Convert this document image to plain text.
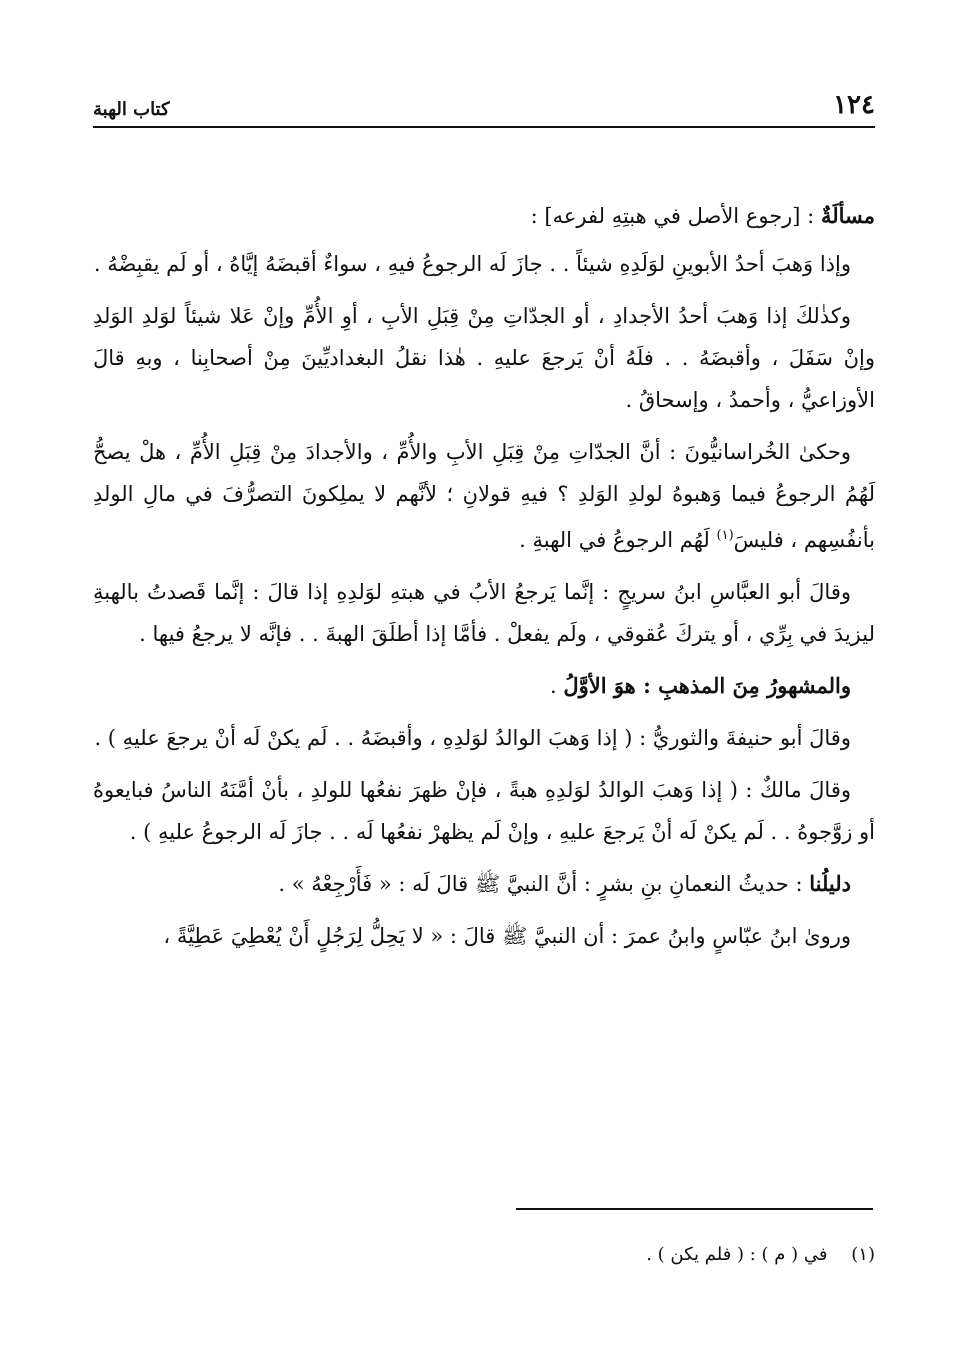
١٢٤
كتاب الهبة

مسألَةٌ : [رجوع الأصل في هبتِهِ لفرعه] :

وإذا وَهبَ أحدُ الأبوينِ لوَلَدِهِ شيئاً . . جازَ لَه الرجوعُ فيهِ ، سواءٌ أقبضَهُ إيَّاهُ ، أو لَم يقبِضْهُ .

وكذٰلكَ إذا وَهبَ أحدُ الأجدادِ ، أو الجدّاتِ مِنْ قِبَلِ الأبِ ، أوِ الأُمِّ وإنْ عَلا شيئاً لوَلدِ الوَلدِ وإنْ سَفَلَ ، وأقبضَهُ . . فلَهُ أنْ يَرجعَ عليهِ . هٰذا نقلُ البغداديِّينَ مِنْ أصحابِنا ، وبهِ قالَ الأوزاعيُّ ، وأحمدُ ، وإسحاقُ .

وحكىٰ الخُراسانيُّونَ : أنَّ الجدّاتِ مِنْ قِبَلِ الأبِ والأُمِّ ، والأجدادَ مِنْ قِبَلِ الأُمِّ ، هلْ يصحُّ لَهُمُ الرجوعُ فيما وَهبوهُ لولدِ الوَلدِ ؟ فيهِ قولانِ ؛ لأنَّهم لا يملِكونَ التصرُّفَ في مالِ الولدِ بأنفُسِهم ، فليسَ$^{(١)}$ لَهُم الرجوعُ في الهبةِ .

وقالَ أبو العبَّاسِ ابنُ سريجٍ : إنَّما يَرجعُ الأبُ في هبتهِ لوَلدِهِ إذا قالَ : إنَّما قَصدتُ بالهبةِ ليزيدَ في بِرِّي ، أو يتركَ عُقوقي ، ولَم يفعلْ . فأمَّا إذا أطلَقَ الهبةَ . . فإنَّه لا يرجعُ فيها .

والمشهورُ مِنَ المذهبِ : هوَ الأوَّلُ .

وقالَ أبو حنيفةَ والثوريُّ : ( إذا وَهبَ الوالدُ لوَلدِهِ ، وأقبضَهُ . . لَم يكنْ لَه أنْ يرجعَ عليهِ ) .

وقالَ مالكٌ : ( إذا وَهبَ الوالدُ لوَلدِهِ هبةً ، فإنْ ظهرَ نفعُها للولدِ ، بأنْ أمَّنَهُ الناسُ فبايعوهُ أو زوَّجوهُ . . لَم يكنْ لَه أنْ يَرجعَ عليهِ ، وإنْ لَم يظهرْ نفعُها لَه . . جازَ لَه الرجوعُ عليهِ ) .

دليلُنا : حديثُ النعمانِ بنِ بشرٍ : أنَّ النبيَّ ﷺ قالَ لَه : « فَأَرْجِعْهُ » .

وروىٰ ابنُ عبّاسٍ وابنُ عمرَ : أن النبيَّ ﷺ قالَ : « لا يَحِلُّ لِرَجُلٍ أَنْ يُعْطِيَ عَطِيَّةً ،

(١) في ( م ) : ( فلم يكن ) .
